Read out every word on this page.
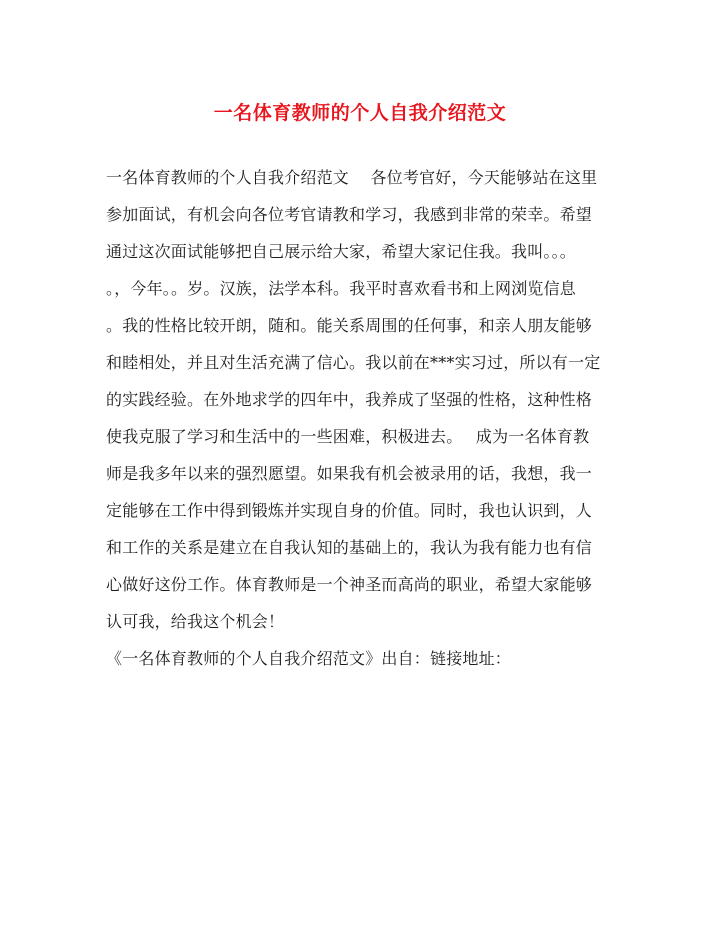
一名体育教师的个人自我介绍范文
一名体育教师的个人自我介绍范文　 各位考官好，今天能够站在这里
参加面试，有机会向各位考官请教和学习，我感到非常的荣幸。希望
通过这次面试能够把自己展示给大家，希望大家记住我。我叫。。。
。，今年。。岁。汉族，法学本科。我平时喜欢看书和上网浏览信息
。我的性格比较开朗，随和。能关系周围的任何事，和亲人朋友能够
和睦相处，并且对生活充满了信心。我以前在***实习过，所以有一定
的实践经验。在外地求学的四年中，我养成了坚强的性格，这种性格
使我克服了学习和生活中的一些困难，积极进去。　 成为一名体育教
师是我多年以来的强烈愿望。如果我有机会被录用的话，我想，我一
定能够在工作中得到锻炼并实现自身的价值。同时，我也认识到，人
和工作的关系是建立在自我认知的基础上的，我认为我有能力也有信
心做好这份工作。体育教师是一个神圣而高尚的职业，希望大家能够
认可我，给我这个机会！
《一名体育教师的个人自我介绍范文》出自：链接地址：
